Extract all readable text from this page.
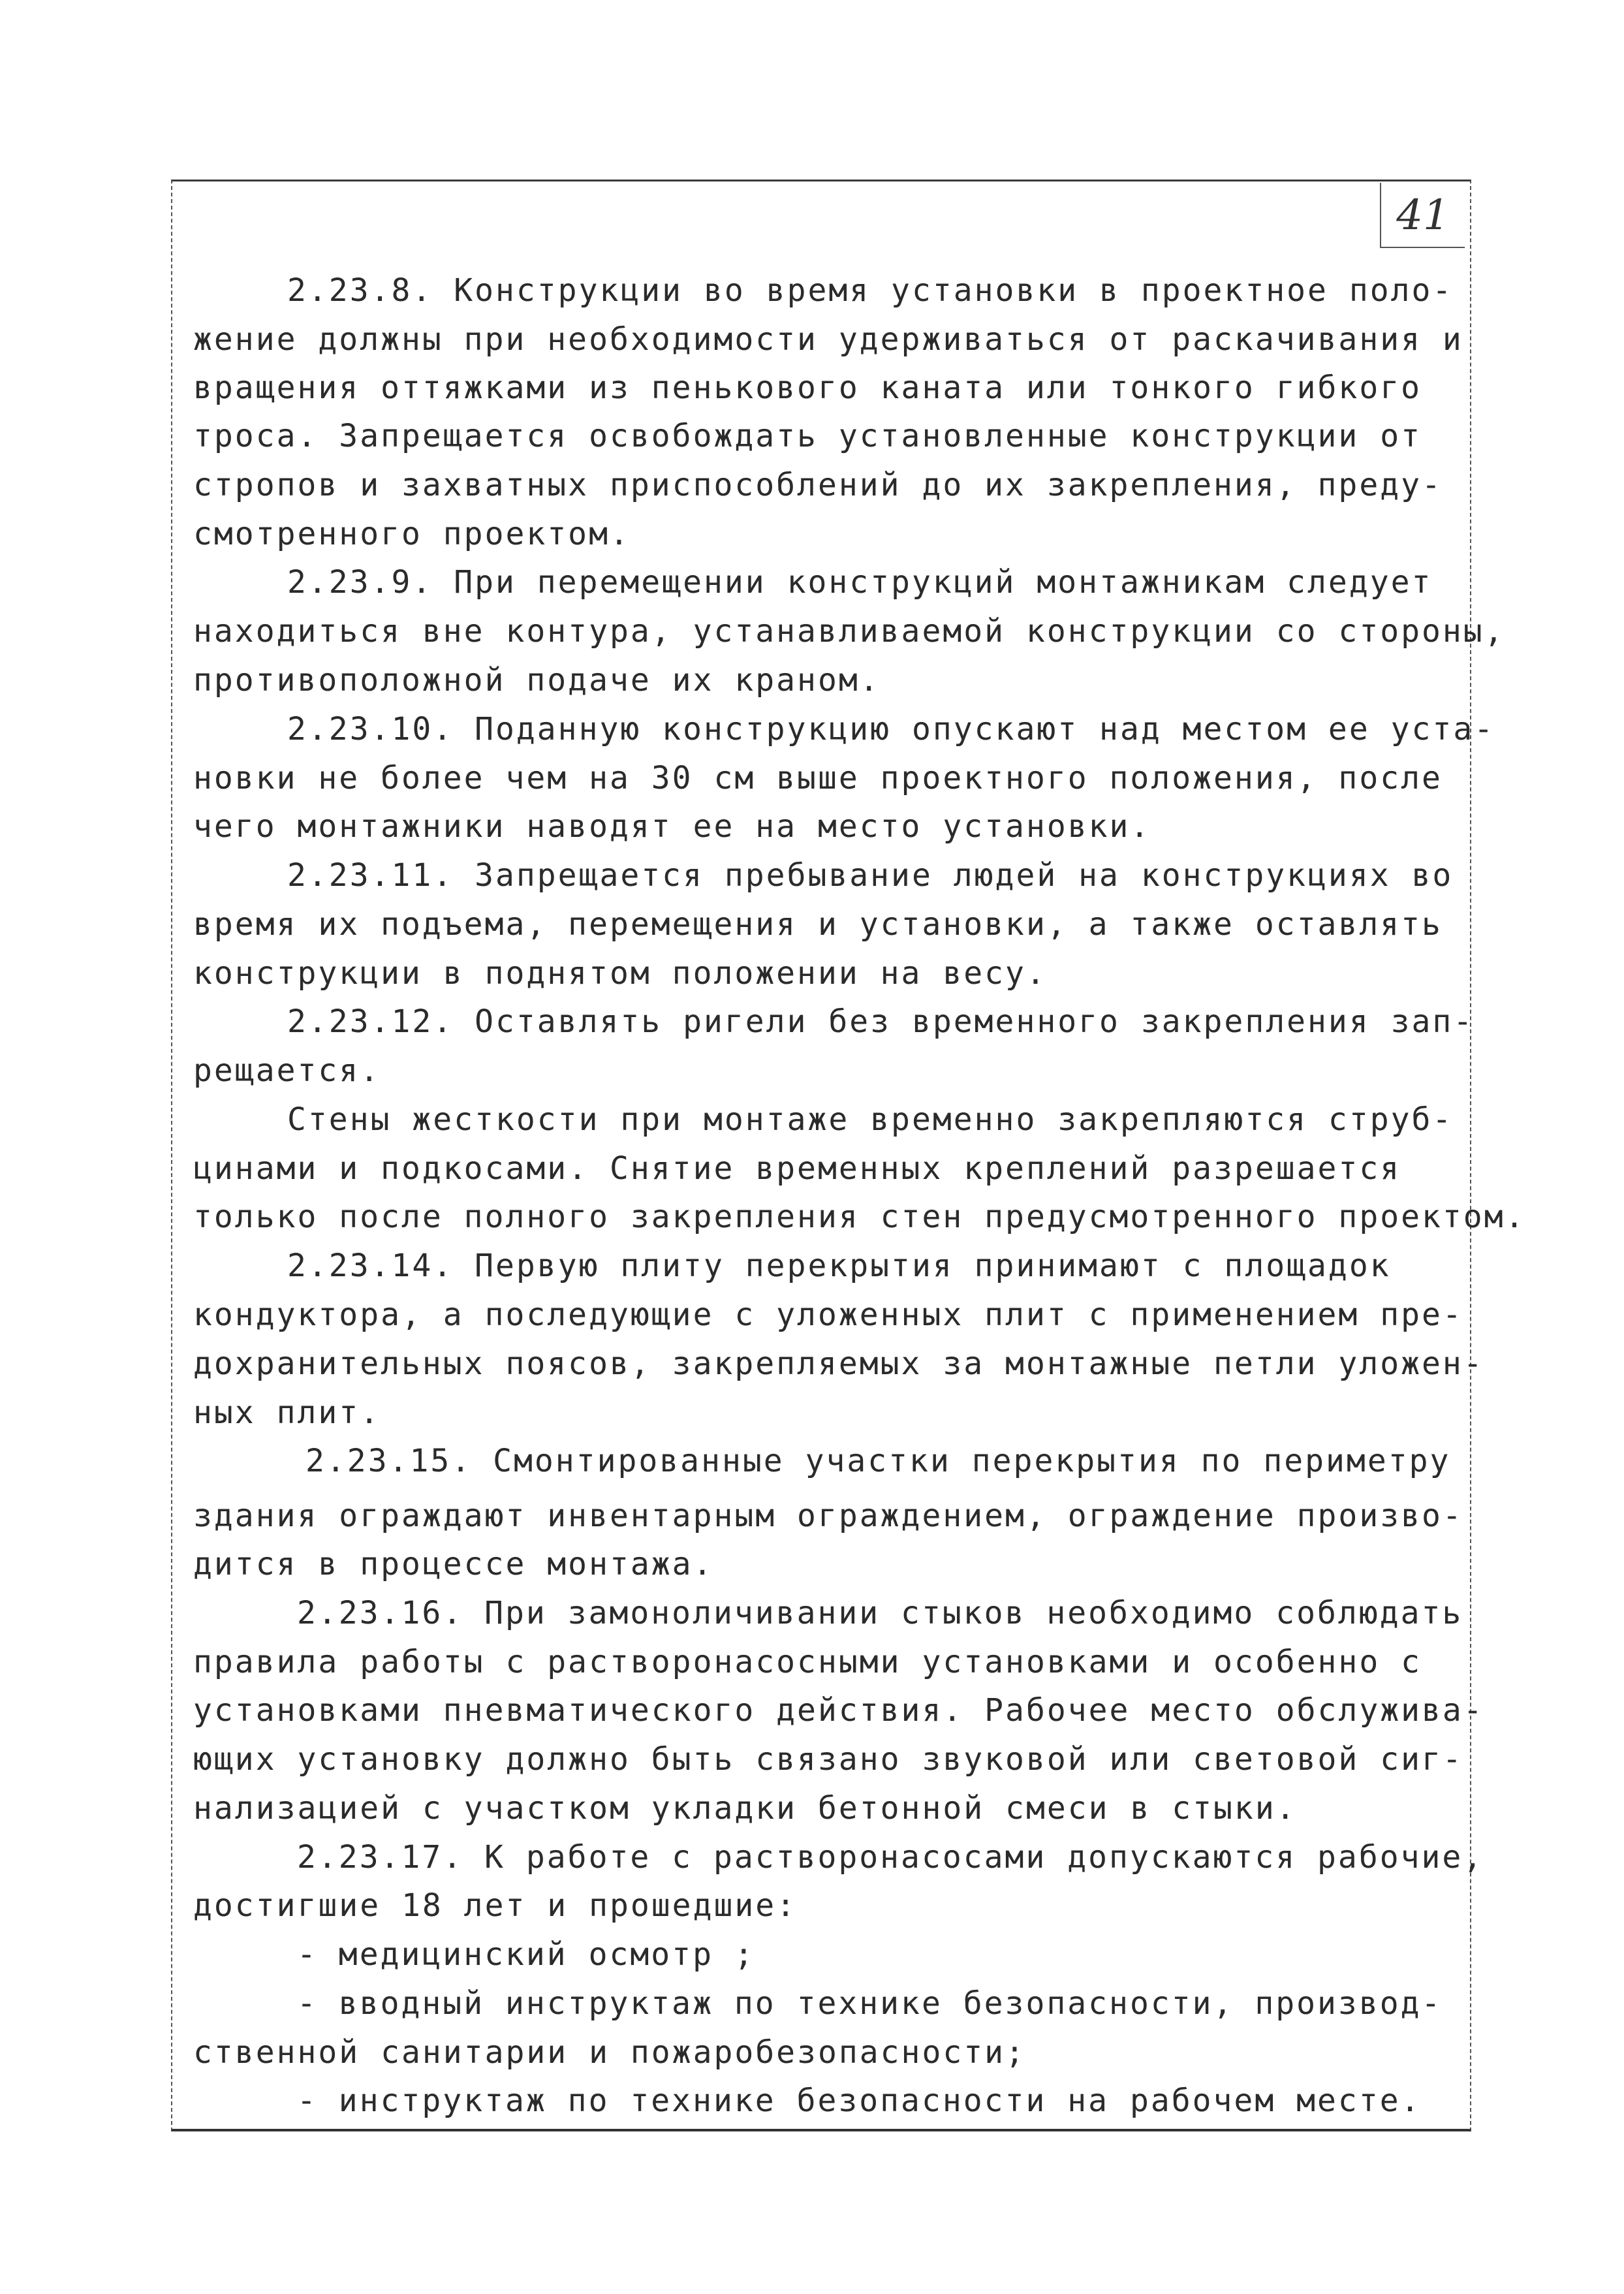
41
2.23.8. Конструкции во время установки в проектное поло-
жение должны при необходимости удерживаться от раскачивания и
вращения оттяжками из пенькового каната или тонкого гибкого
троса. Запрещается освобождать установленные конструкции от
стропов и захватных приспособлений до их закрепления, преду-
смотренного проектом.
2.23.9. При перемещении конструкций монтажникам следует
находиться вне контура, устанавливаемой конструкции со стороны,
противоположной подаче их краном.
2.23.10. Поданную конструкцию опускают над местом ее уста-
новки не более чем на 30 см выше проектного положения, после
чего монтажники наводят ее на место установки.
2.23.11. Запрещается пребывание людей на конструкциях во
время их подъема, перемещения и установки, а также оставлять
конструкции в поднятом положении на весу.
2.23.12. Оставлять ригели без временного закрепления зап-
рещается.
Стены жесткости при монтаже временно закрепляются струб-
цинами и подкосами. Снятие временных креплений разрешается
только после полного закрепления стен предусмотренного проектом.
2.23.14. Первую плиту перекрытия принимают с площадок
кондуктора, а последующие с уложенных плит с применением пре-
дохранительных поясов, закрепляемых за монтажные петли уложен-
ных плит.
2.23.15. Смонтированные участки перекрытия по периметру
здания ограждают инвентарным ограждением, ограждение произво-
дится в процессе монтажа.
2.23.16. При замоноличивании стыков необходимо соблюдать
правила работы с растворонасосными установками и особенно с
установками пневматического действия. Рабочее место обслужива-
ющих установку должно быть связано звуковой или световой сиг-
нализацией с участком укладки бетонной смеси в стыки.
2.23.17. К работе с растворонасосами допускаются рабочие,
достигшие 18 лет и прошедшие:
- медицинский осмотр ;
- вводный инструктаж по технике безопасности, производ-
ственной санитарии и пожаробезопасности;
- инструктаж по технике безопасности на рабочем месте.
